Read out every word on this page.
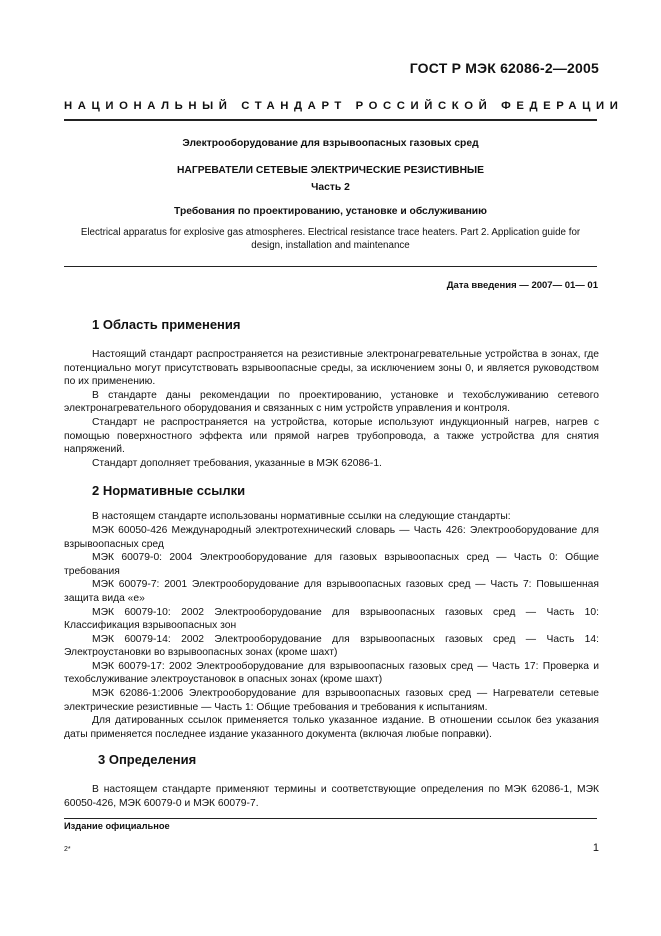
ГОСТ Р МЭК 62086-2—2005
НАЦИОНАЛЬНЫЙ СТАНДАРТ РОССИЙСКОЙ ФЕДЕРАЦИИ
Электрооборудование для взрывоопасных газовых сред
НАГРЕВАТЕЛИ СЕТЕВЫЕ ЭЛЕКТРИЧЕСКИЕ РЕЗИСТИВНЫЕ
Часть 2
Требования по проектированию, установке и обслуживанию
Electrical apparatus for explosive gas atmospheres. Electrical resistance trace heaters. Part 2. Application guide for design, installation and maintenance
Дата введения — 2007— 01— 01
1 Область применения

Настоящий стандарт распространяется на резистивные электронагревательные устройства в зонах, где потенциально могут присутствовать взрывоопасные среды, за исключением зоны 0, и является руководством по их применению.

В стандарте даны рекомендации по проектированию, установке и техобслуживанию сетевого электронагревательного оборудования и связанных с ним устройств управления и контроля.

Стандарт не распространяется на устройства, которые используют индукционный нагрев, нагрев с помощью поверхностного эффекта или прямой нагрев трубопровода, а также устройства для снятия напряжений.

Стандарт дополняет требования, указанные в МЭК 62086-1.

2 Нормативные ссылки

В настоящем стандарте использованы нормативные ссылки на следующие стандарты:

МЭК 60050-426 Международный электротехнический словарь — Часть 426: Электрооборудование для взрывоопасных сред

МЭК 60079-0: 2004 Электрооборудование для газовых взрывоопасных сред — Часть 0: Общие требования

МЭК 60079-7: 2001 Электрооборудование для взрывоопасных газовых сред — Часть 7: Повышенная защита вида «е»

МЭК 60079-10: 2002 Электрооборудование для взрывоопасных газовых сред — Часть 10: Классификация взрывоопасных зон

МЭК 60079-14: 2002 Электрооборудование для взрывоопасных газовых сред — Часть 14: Электроустановки во взрывоопасных зонах (кроме шахт)

МЭК 60079-17: 2002 Электрооборудование для взрывоопасных газовых сред — Часть 17: Проверка и техобслуживание электроустановок в опасных зонах (кроме шахт)

МЭК 62086-1:2006 Электрооборудование для взрывоопасных газовых сред — Нагреватели сетевые электрические резистивные — Часть 1: Общие требования и требования к испытаниям.

Для датированных ссылок применяется только указанное издание. В отношении ссылок без указания даты применяется последнее издание указанного документа (включая любые поправки).

3 Определения

В настоящем стандарте применяют термины и соответствующие определения по МЭК 62086-1, МЭК 60050-426, МЭК 60079-0 и МЭК 60079-7.

Издание официальное
2*	1
